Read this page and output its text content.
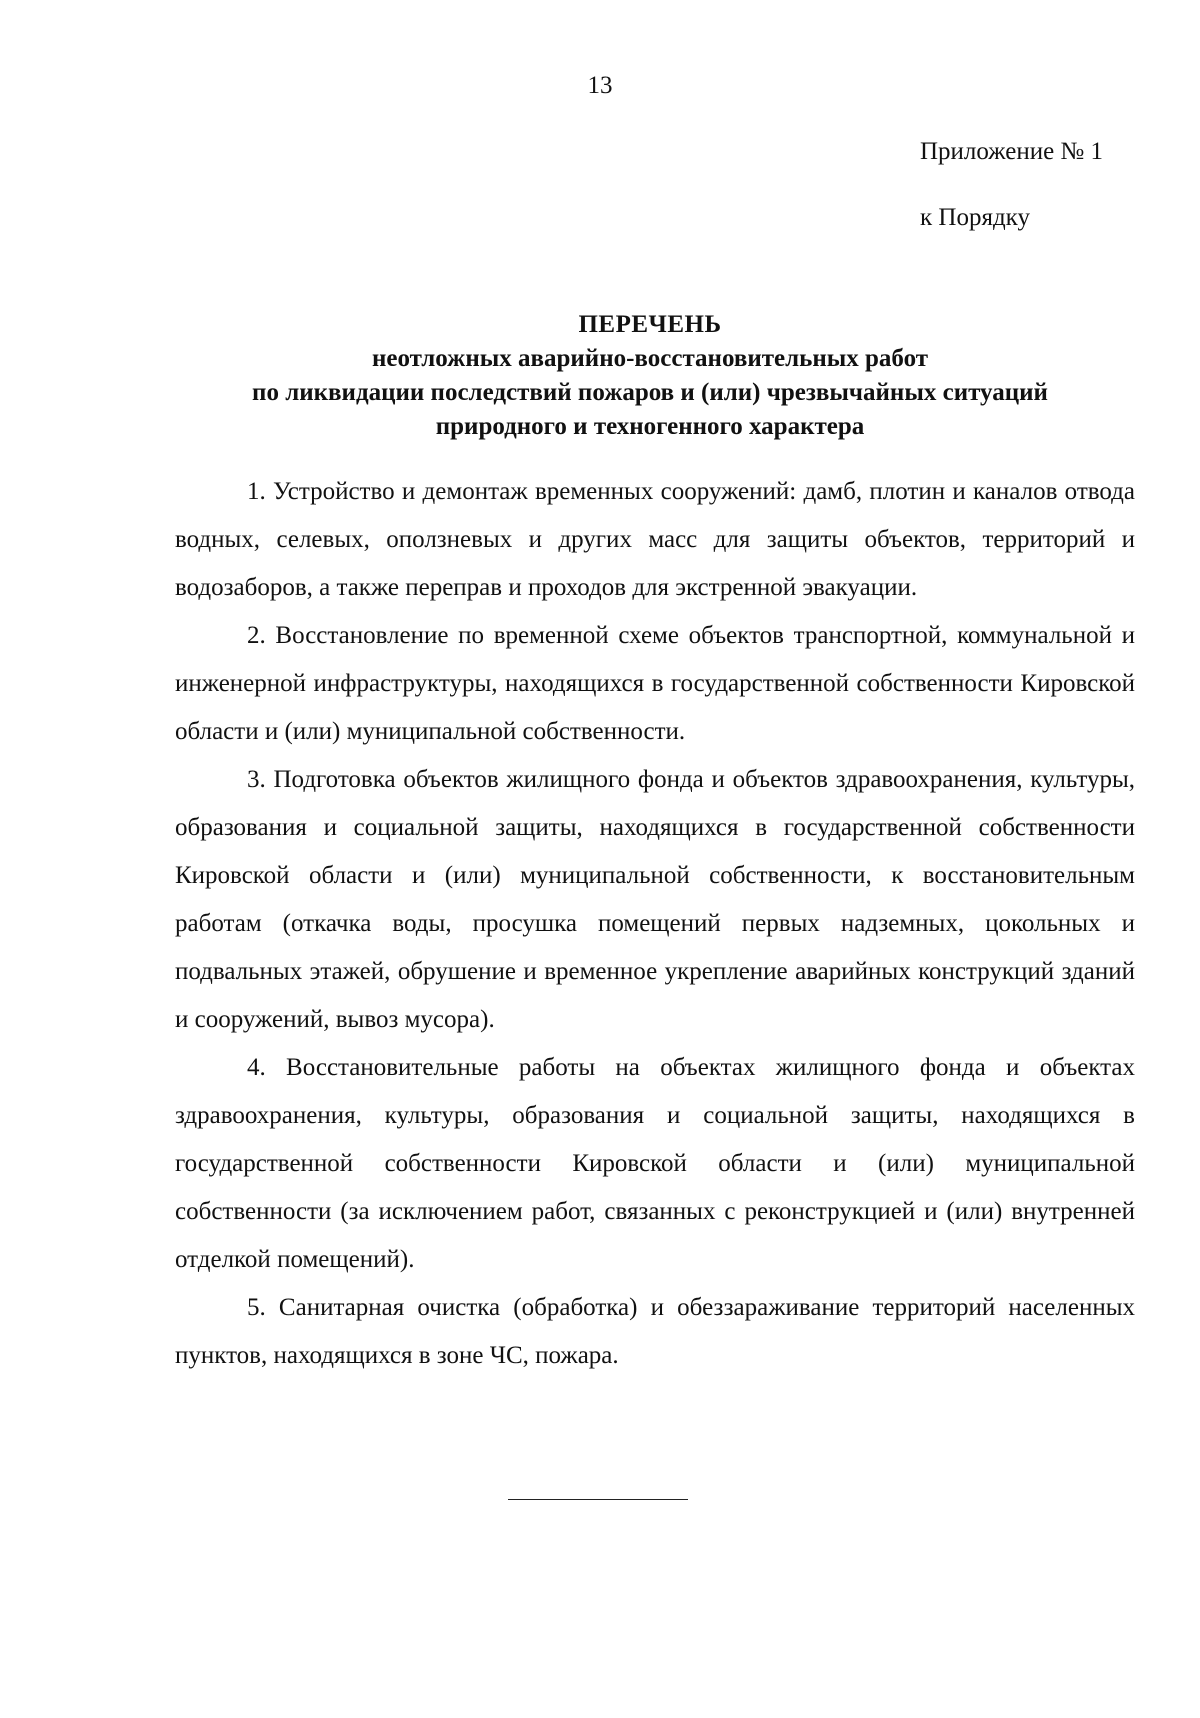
13
Приложение № 1
к Порядку
ПЕРЕЧЕНЬ
неотложных аварийно-восстановительных работ
по ликвидации последствий пожаров и (или) чрезвычайных ситуаций
природного и техногенного характера

1. Устройство и демонтаж временных сооружений: дамб, плотин и каналов отвода водных, селевых, оползневых и других масс для защиты объектов, территорий и водозаборов, а также переправ и проходов для экстренной эвакуации.

2. Восстановление по временной схеме объектов транспортной, коммунальной и инженерной инфраструктуры, находящихся в государственной собственности Кировской области и (или) муниципальной собственности.

3. Подготовка объектов жилищного фонда и объектов здравоохранения, культуры, образования и социальной защиты, находящихся в государственной собственности Кировской области и (или) муниципальной собственности, к восстановительным работам (откачка воды, просушка помещений первых надземных, цокольных и подвальных этажей, обрушение и временное укрепление аварийных конструкций зданий и сооружений, вывоз мусора).

4. Восстановительные работы на объектах жилищного фонда и объектах здравоохранения, культуры, образования и социальной защиты, находящихся в государственной собственности Кировской области и (или) муниципальной собственности (за исключением работ, связанных с реконструкцией и (или) внутренней отделкой помещений).

5. Санитарная очистка (обработка) и обеззараживание территорий населенных пунктов, находящихся в зоне ЧС, пожара.
